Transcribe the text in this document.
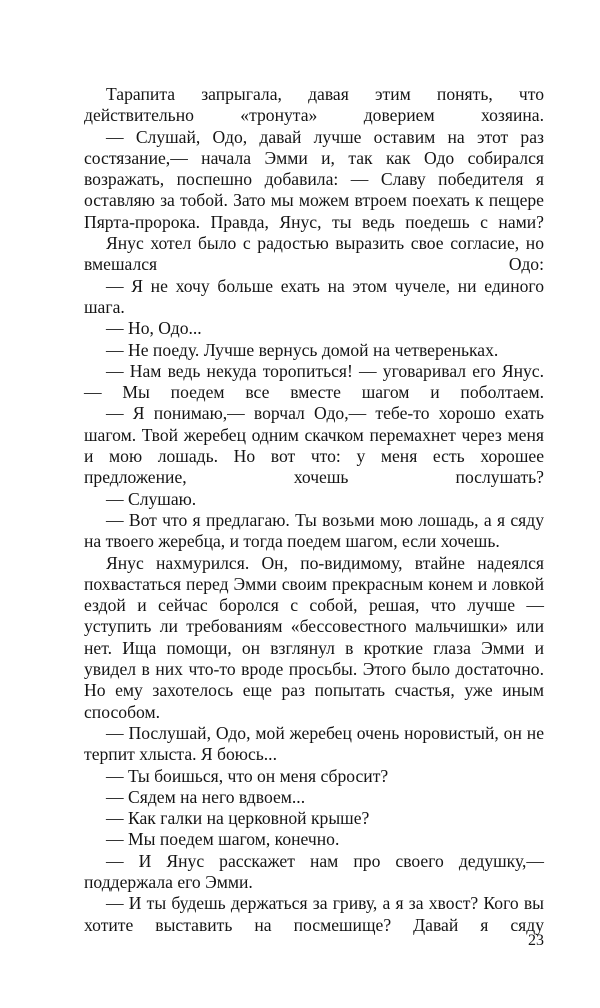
Тарапита запрыгала, давая этим понять, что действительно «тронута» доверием хозяина.

— Слушай, Одо, давай лучше оставим на этот раз состязание,— начала Эмми и, так как Одо собирался возражать, поспешно добавила: — Славу победителя я оставляю за тобой. Зато мы можем втроем поехать к пещере Пярта-пророка. Правда, Янус, ты ведь поедешь с нами?

Янус хотел было с радостью выразить свое согласие, но вмешался Одо:

— Я не хочу больше ехать на этом чучеле, ни единого шага.

— Но, Одо...

— Не поеду. Лучше вернусь домой на четвереньках.

— Нам ведь некуда торопиться! — уговаривал его Янус.— Мы поедем все вместе шагом и поболтаем.

— Я понимаю,— ворчал Одо,— тебе-то хорошо ехать шагом. Твой жеребец одним скачком перемахнет через меня и мою лошадь. Но вот что: у меня есть хорошее предложение, хочешь послушать?

— Слушаю.

— Вот что я предлагаю. Ты возьми мою лошадь, а я сяду на твоего жеребца, и тогда поедем шагом, если хочешь.

Янус нахмурился. Он, по-видимому, втайне надеялся похвастаться перед Эмми своим прекрасным конем и ловкой ездой и сейчас боролся с собой, решая, что лучше — уступить ли требованиям «бессовестного мальчишки» или нет. Ища помощи, он взглянул в кроткие глаза Эмми и увидел в них что-то вроде просьбы. Этого было достаточно. Но ему захотелось еще раз попытать счастья, уже иным способом.

— Послушай, Одо, мой жеребец очень норовистый, он не терпит хлыста. Я боюсь...

— Ты боишься, что он меня сбросит?

— Сядем на него вдвоем...

— Как галки на церковной крыше?

— Мы поедем шагом, конечно.

— И Янус расскажет нам про своего дедушку,— поддержала его Эмми.

— И ты будешь держаться за гриву, а я за хвост? Кого вы хотите выставить на посмешище? Давай я сяду

23
